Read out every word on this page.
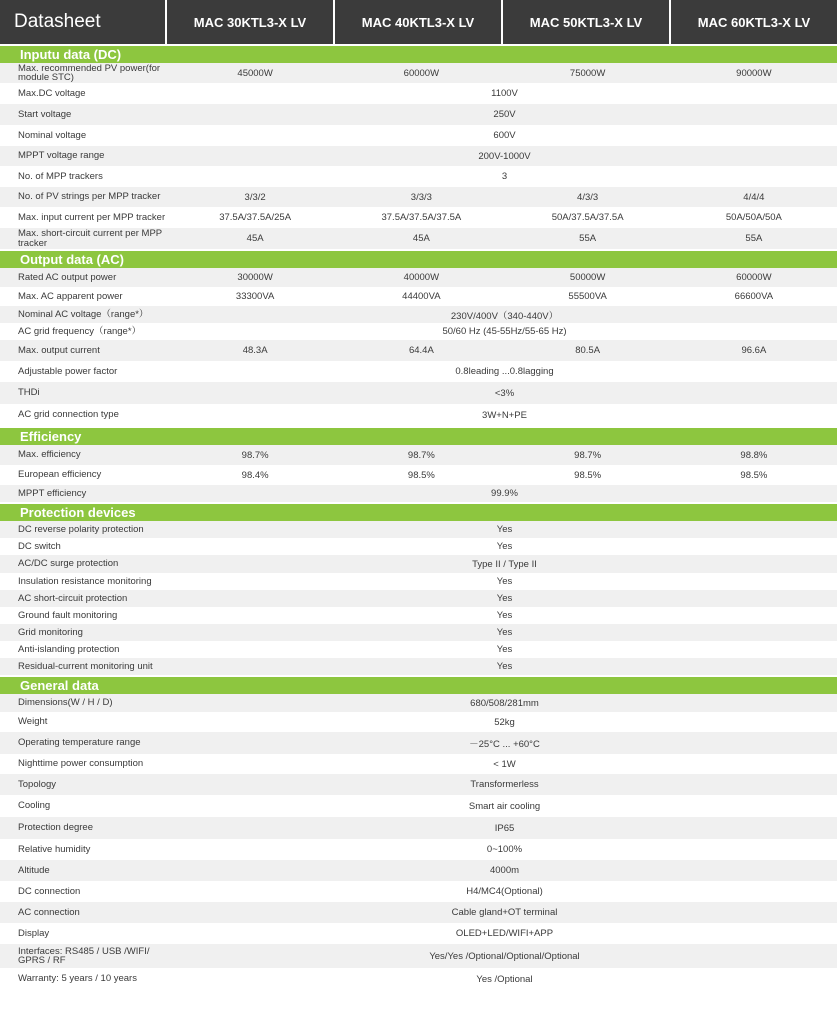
Datasheet	MAC 30KTL3-X LV	MAC 40KTL3-X LV	MAC 50KTL3-X LV	MAC 60KTL3-X LV
Inputu data (DC)
Max. recommended PV power(for module STC)	45000W	60000W	75000W	90000W
Max.DC voltage	1100V
Start voltage	250V
Nominal voltage	600V
MPPT voltage range	200V-1000V
No. of MPP trackers	3
No. of PV strings per MPP tracker	3/3/2	3/3/3	4/3/3	4/4/4
Max. input current per MPP tracker	37.5A/37.5A/25A	37.5A/37.5A/37.5A	50A/37.5A/37.5A	50A/50A/50A
Max. short-circuit current per MPP tracker	45A	45A	55A	55A
Output data (AC)
Rated AC output power	30000W	40000W	50000W	60000W
Max. AC apparent power	33300VA	44400VA	55500VA	66600VA
Nominal AC voltage（range*）	230V/400V（340-440V）
AC grid frequency（range*）	50/60 Hz (45-55Hz/55-65 Hz)
Max. output current	48.3A	64.4A	80.5A	96.6A
Adjustable power factor	0.8leading ...0.8lagging
THDi	<3%
AC grid connection type	3W+N+PE
Efficiency
Max. efficiency	98.7%	98.7%	98.7%	98.8%
European efficiency	98.4%	98.5%	98.5%	98.5%
MPPT efficiency	99.9%
Protection devices
DC reverse polarity protection	Yes
DC switch	Yes
AC/DC surge protection	Type II / Type II
Insulation resistance monitoring	Yes
AC short-circuit protection	Yes
Ground fault monitoring	Yes
Grid monitoring	Yes
Anti-islanding protection	Yes
Residual-current monitoring unit	Yes
General data
Dimensions(W / H / D)	680/508/281mm
Weight	52kg
Operating temperature range	－25°C ... +60°C
Nighttime power consumption	< 1W
Topology	Transformerless
Cooling	Smart air cooling
Protection degree	IP65
Relative humidity	0~100%
Altitude	4000m
DC connection	H4/MC4(Optional)
AC connection	Cable gland+OT terminal
Display	OLED+LED/WIFI+APP
Interfaces: RS485 / USB /WIFI/ GPRS / RF	Yes/Yes /Optional/Optional/Optional
Warranty: 5 years / 10 years	Yes /Optional
